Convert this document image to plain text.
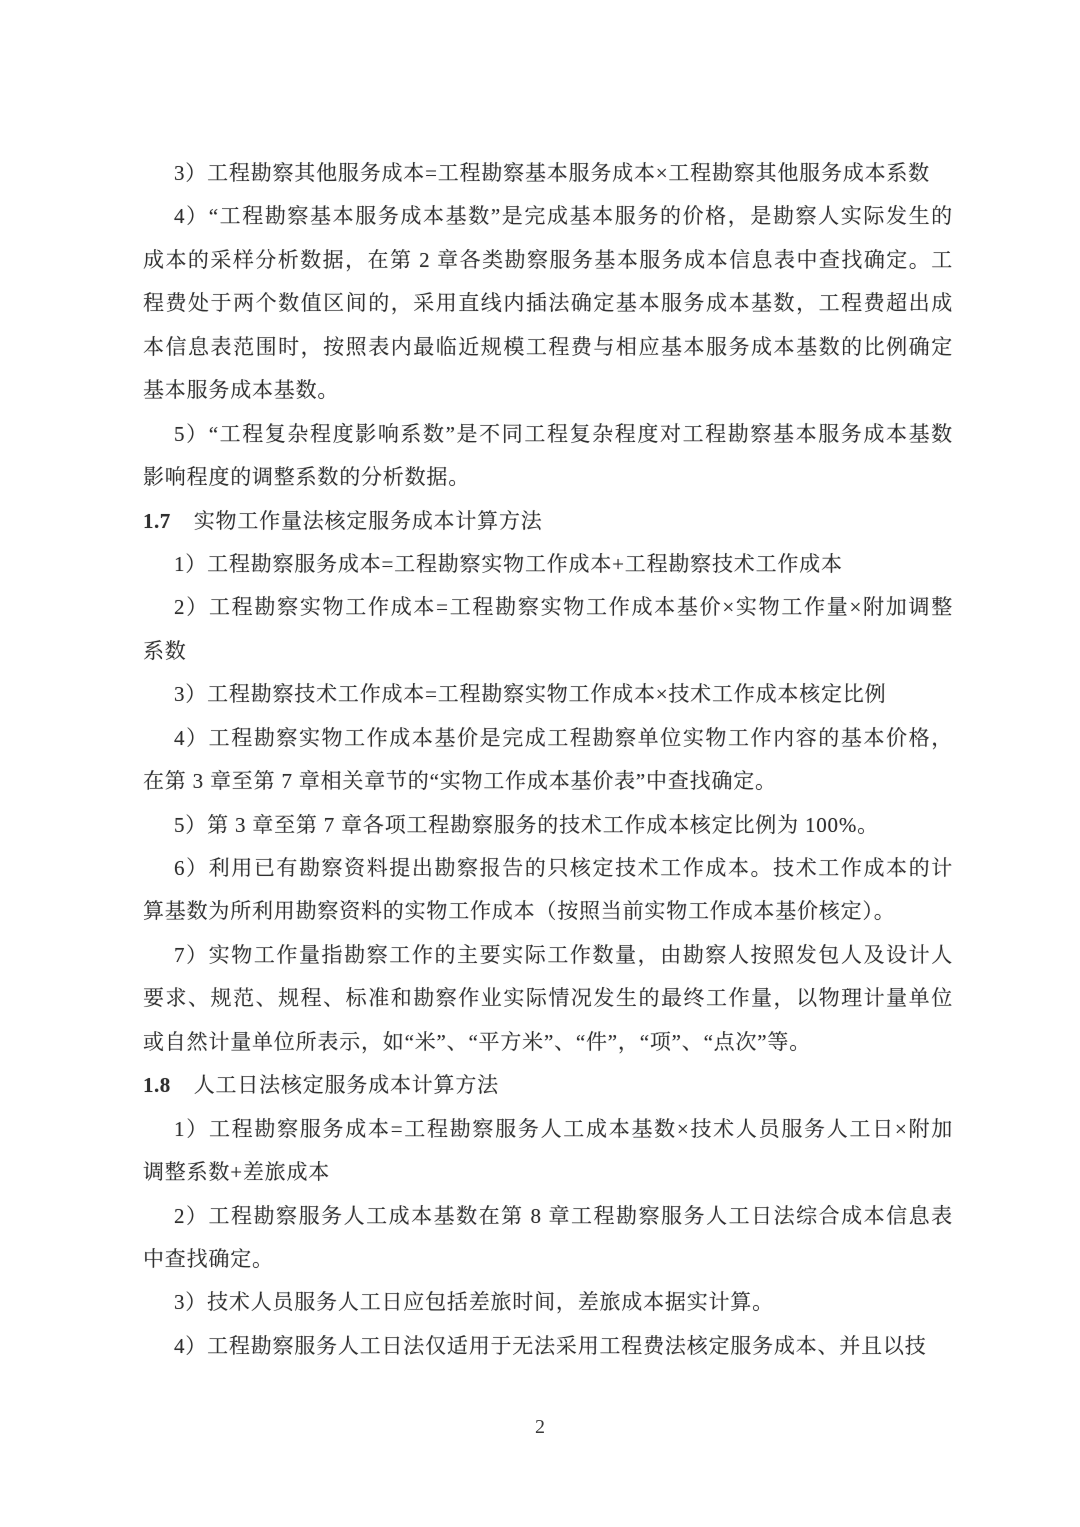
3）工程勘察其他服务成本=工程勘察基本服务成本×工程勘察其他服务成本系数
4）“工程勘察基本服务成本基数”是完成基本服务的价格，是勘察人实际发生的
成本的采样分析数据，在第 2 章各类勘察服务基本服务成本信息表中查找确定。工
程费处于两个数值区间的，采用直线内插法确定基本服务成本基数，工程费超出成
本信息表范围时，按照表内最临近规模工程费与相应基本服务成本基数的比例确定
基本服务成本基数。
5）“工程复杂程度影响系数”是不同工程复杂程度对工程勘察基本服务成本基数
影响程度的调整系数的分析数据。
1.7 实物工作量法核定服务成本计算方法
1）工程勘察服务成本=工程勘察实物工作成本+工程勘察技术工作成本
2）工程勘察实物工作成本=工程勘察实物工作成本基价×实物工作量×附加调整
系数
3）工程勘察技术工作成本=工程勘察实物工作成本×技术工作成本核定比例
4）工程勘察实物工作成本基价是完成工程勘察单位实物工作内容的基本价格，
在第 3 章至第 7 章相关章节的“实物工作成本基价表”中查找确定。
5）第 3 章至第 7 章各项工程勘察服务的技术工作成本核定比例为 100%。
6）利用已有勘察资料提出勘察报告的只核定技术工作成本。技术工作成本的计
算基数为所利用勘察资料的实物工作成本（按照当前实物工作成本基价核定）。
7）实物工作量指勘察工作的主要实际工作数量，由勘察人按照发包人及设计人
要求、规范、规程、标准和勘察作业实际情况发生的最终工作量，以物理计量单位
或自然计量单位所表示，如“米”、“平方米”、“件”，“项”、“点次”等。
1.8 人工日法核定服务成本计算方法
1）工程勘察服务成本=工程勘察服务人工成本基数×技术人员服务人工日×附加
调整系数+差旅成本
2）工程勘察服务人工成本基数在第 8 章工程勘察服务人工日法综合成本信息表
中查找确定。
3）技术人员服务人工日应包括差旅时间，差旅成本据实计算。
4）工程勘察服务人工日法仅适用于无法采用工程费法核定服务成本、并且以技
2
